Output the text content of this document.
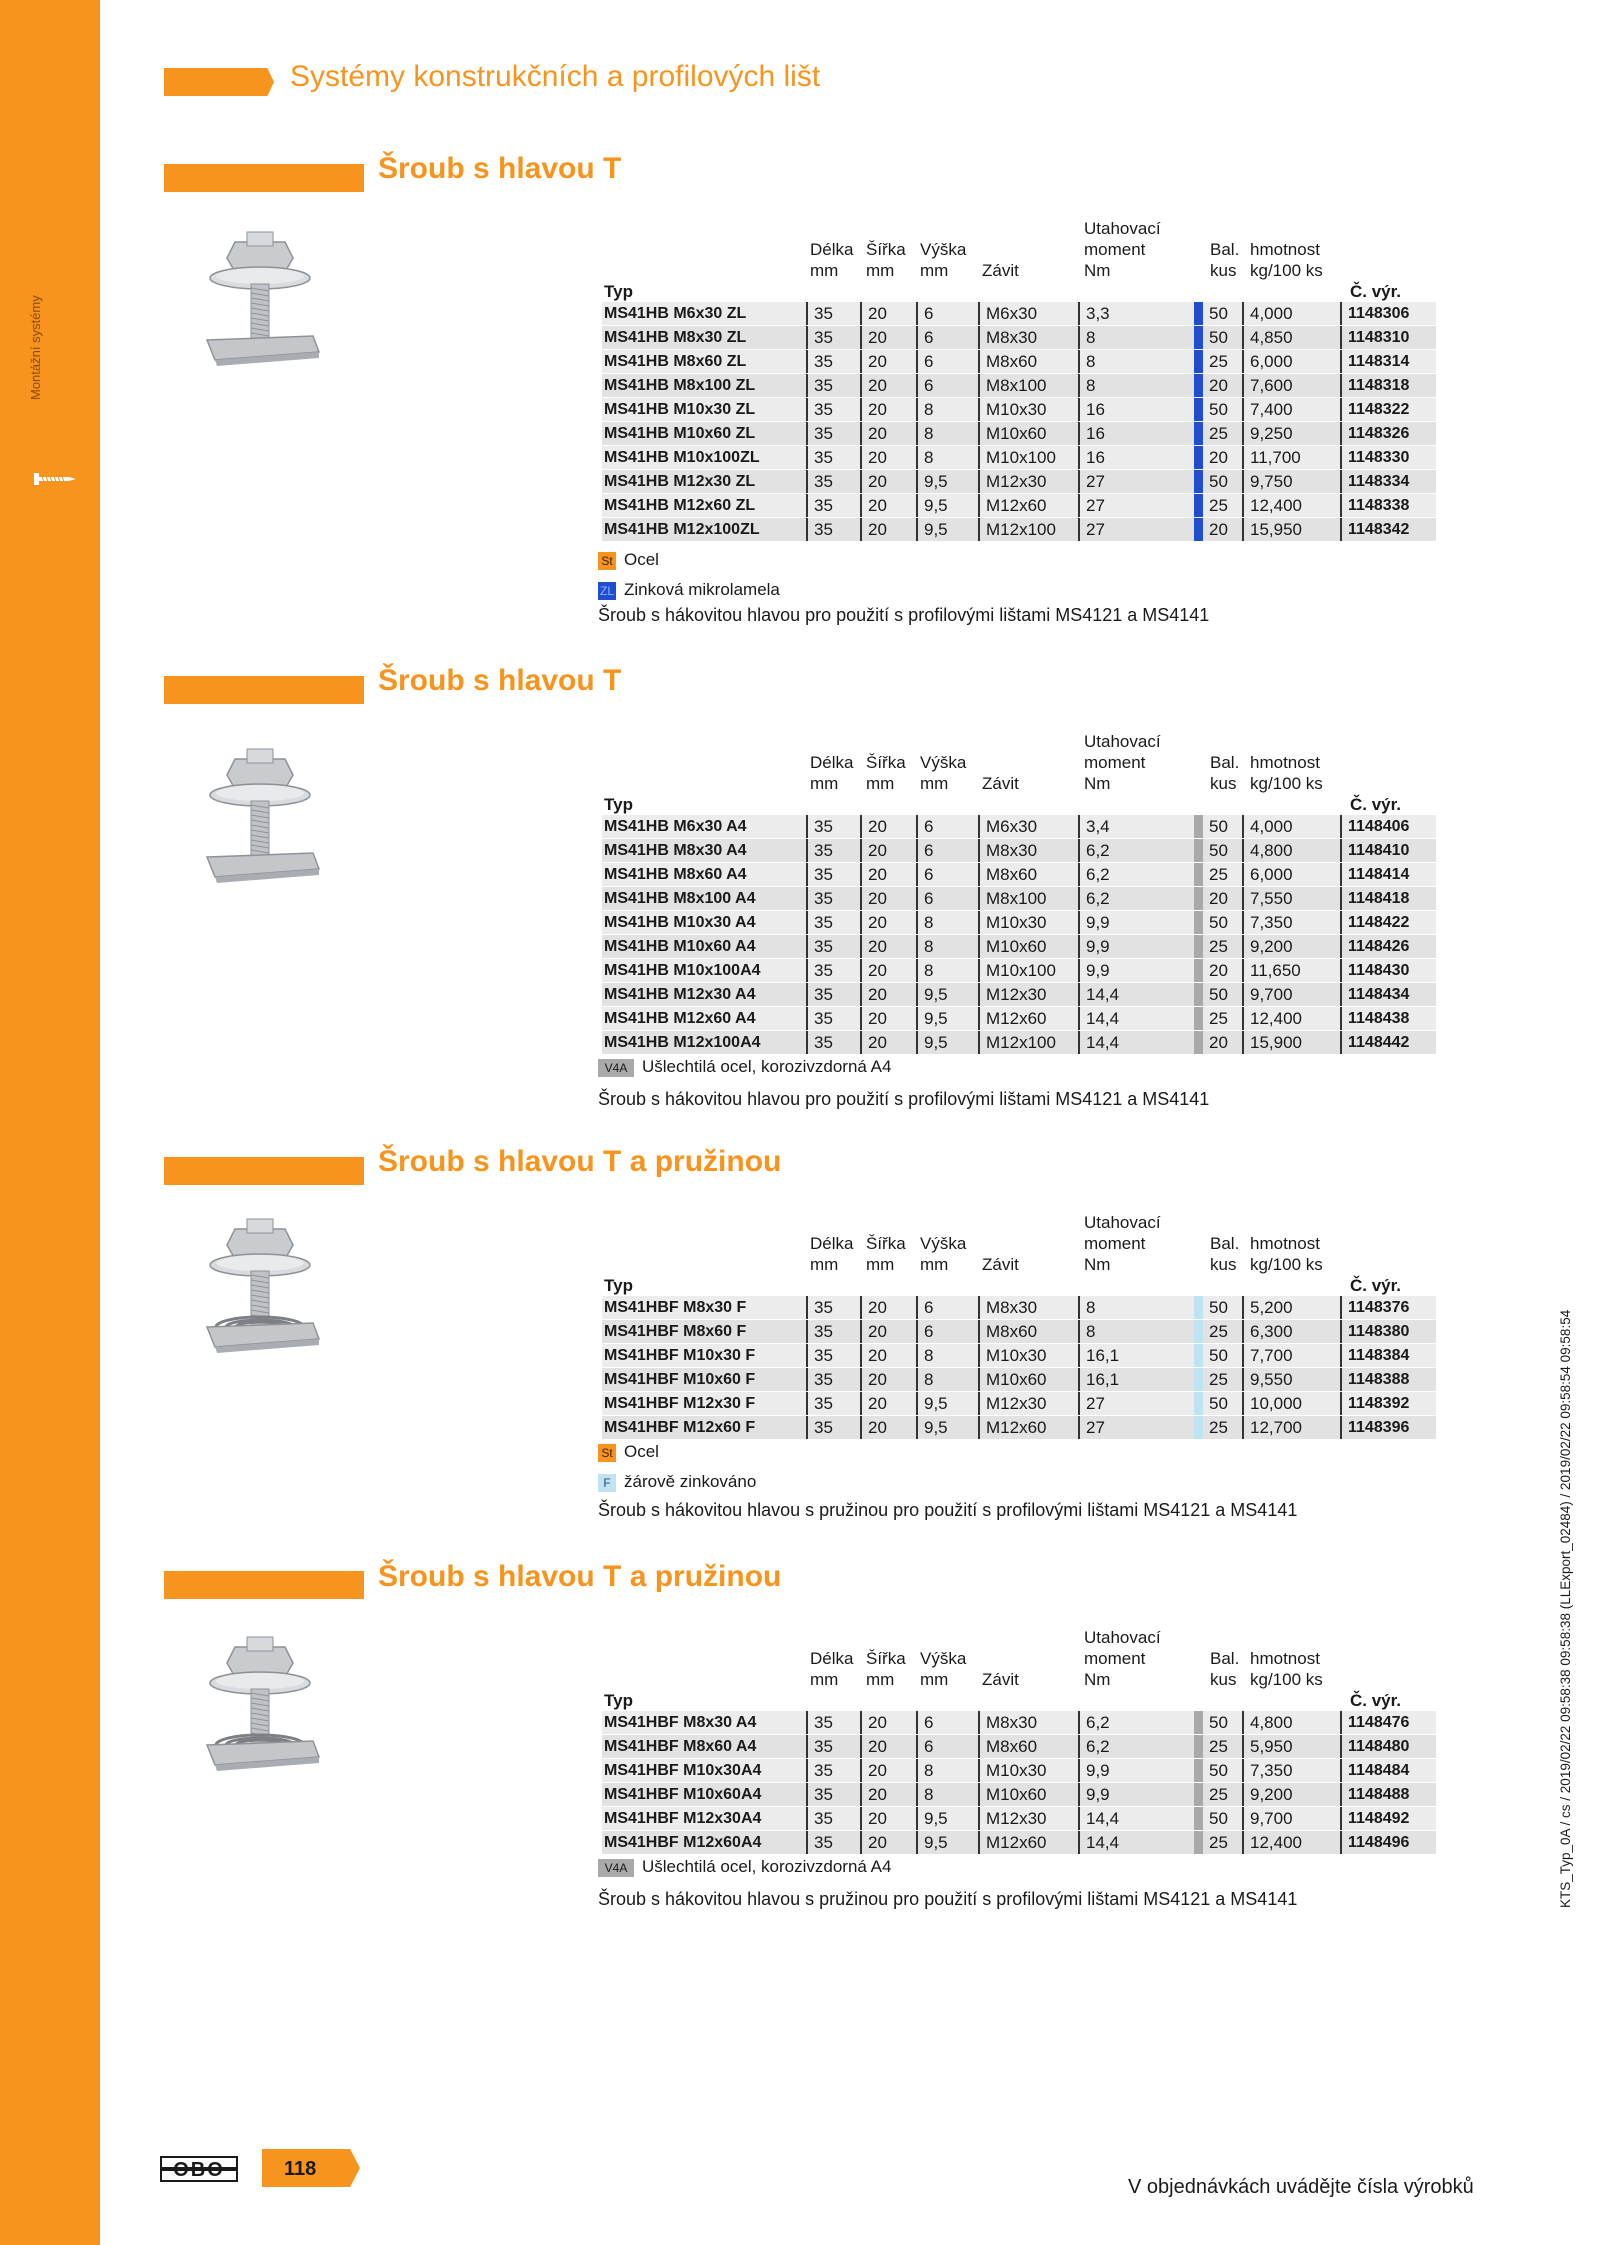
Montážní systémy
Systémy konstrukčních a profilových lišt
Šroub s hlavou T
Typ
Délka
mm
Šířka
mm
Výška
mm Závit
Utahovací
moment
Nm
Bal.
kus
hmotnost
kg/100 ks
Č. výr.
MS41HB M6x30 ZL	35	20	6	M6x30	3,3	50	4,000	1148306
MS41HB M8x30 ZL	35	20	6	M8x30	8	50	4,850	1148310
MS41HB M8x60 ZL	35	20	6	M8x60	8	25	6,000	1148314
MS41HB M8x100 ZL	35	20	6	M8x100	8	20	7,600	1148318
MS41HB M10x30 ZL	35	20	8	M10x30	16	50	7,400	1148322
MS41HB M10x60 ZL	35	20	8	M10x60	16	25	9,250	1148326
MS41HB M10x100ZL	35	20	8	M10x100	16	20	11,700	1148330
MS41HB M12x30 ZL	35	20	9,5	M12x30	27	50	9,750	1148334
MS41HB M12x60 ZL	35	20	9,5	M12x60	27	25	12,400	1148338
MS41HB M12x100ZL	35	20	9,5	M12x100	27	20	15,950	1148342
St Ocel
ZL Zinková mikrolamela
Šroub s hákovitou hlavou pro použití s profilovými lištami MS4121 a MS4141
Šroub s hlavou T
Typ
Délka
mm
Šířka
mm
Výška
mm Závit
Utahovací
moment
Nm
Bal.
kus
hmotnost
kg/100 ks
Č. výr.
MS41HB M6x30 A4	35	20	6	M6x30	3,4	50	4,000	1148406
MS41HB M8x30 A4	35	20	6	M8x30	6,2	50	4,800	1148410
MS41HB M8x60 A4	35	20	6	M8x60	6,2	25	6,000	1148414
MS41HB M8x100 A4	35	20	6	M8x100	6,2	20	7,550	1148418
MS41HB M10x30 A4	35	20	8	M10x30	9,9	50	7,350	1148422
MS41HB M10x60 A4	35	20	8	M10x60	9,9	25	9,200	1148426
MS41HB M10x100A4	35	20	8	M10x100	9,9	20	11,650	1148430
MS41HB M12x30 A4	35	20	9,5	M12x30	14,4	50	9,700	1148434
MS41HB M12x60 A4	35	20	9,5	M12x60	14,4	25	12,400	1148438
MS41HB M12x100A4	35	20	9,5	M12x100	14,4	20	15,900	1148442
V4A Ušlechtilá ocel, korozivzdorná A4
Šroub s hákovitou hlavou pro použití s profilovými lištami MS4121 a MS4141
Šroub s hlavou T a pružinou
Typ
Délka
mm
Šířka
mm
Výška
mm Závit
Utahovací
moment
Nm
Bal.
kus
hmotnost
kg/100 ks
Č. výr.
MS41HBF M8x30 F	35	20	6	M8x30	8	50	5,200	1148376
MS41HBF M8x60 F	35	20	6	M8x60	8	25	6,300	1148380
MS41HBF M10x30 F	35	20	8	M10x30	16,1	50	7,700	1148384
MS41HBF M10x60 F	35	20	8	M10x60	16,1	25	9,550	1148388
MS41HBF M12x30 F	35	20	9,5	M12x30	27	50	10,000	1148392
MS41HBF M12x60 F	35	20	9,5	M12x60	27	25	12,700	1148396
St Ocel
F žárově zinkováno
Šroub s hákovitou hlavou s pružinou pro použití s profilovými lištami MS4121 a MS4141
Šroub s hlavou T a pružinou
Typ
Délka
mm
Šířka
mm
Výška
mm Závit
Utahovací
moment
Nm
Bal.
kus
hmotnost
kg/100 ks
Č. výr.
MS41HBF M8x30 A4	35	20	6	M8x30	6,2	50	4,800	1148476
MS41HBF M8x60 A4	35	20	6	M8x60	6,2	25	5,950	1148480
MS41HBF M10x30A4	35	20	8	M10x30	9,9	50	7,350	1148484
MS41HBF M10x60A4	35	20	8	M10x60	9,9	25	9,200	1148488
MS41HBF M12x30A4	35	20	9,5	M12x30	14,4	50	9,700	1148492
MS41HBF M12x60A4	35	20	9,5	M12x60	14,4	25	12,400	1148496
V4A Ušlechtilá ocel, korozivzdorná A4
Šroub s hákovitou hlavou s pružinou pro použití s profilovými lištami MS4121 a MS4141
OBO	118
V objednávkách uvádějte čísla výrobků
KTS_Typ_0A / cs / 2019/02/22 09:58:38 09:58:38 (LLExport_02484) / 2019/02/22 09:58:54 09:58:54
